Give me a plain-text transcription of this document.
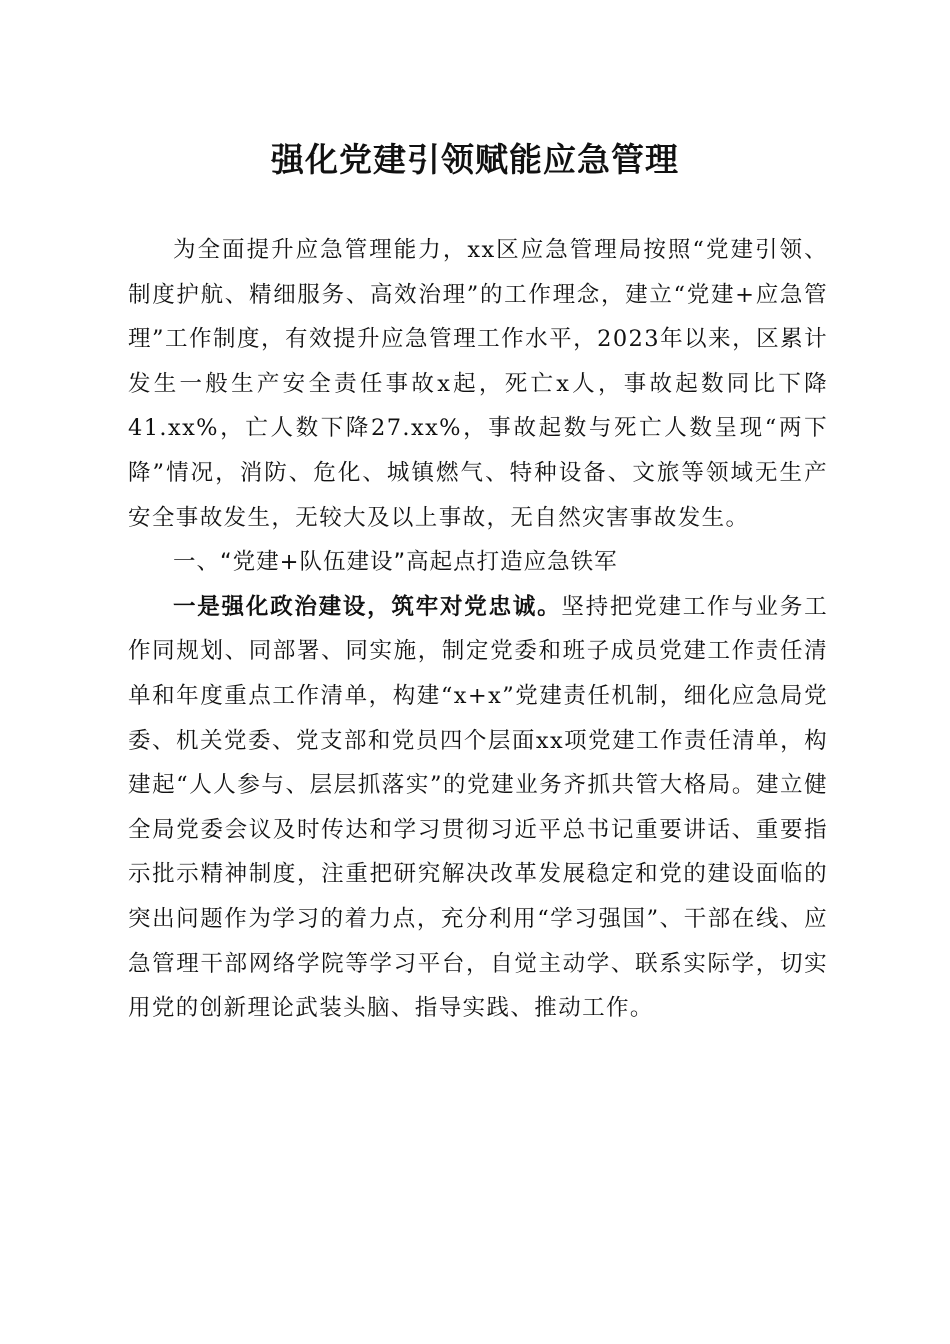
强化党建引领赋能应急管理

为全面提升应急管理能力，xx区应急管理局按照“党建引领、制度护航、精细服务、高效治理”的工作理念，建立“党建+应急管理”工作制度，有效提升应急管理工作水平，2023年以来，区累计发生一般生产安全责任事故x起，死亡x人，事故起数同比下降41.xx%，亡人数下降27.xx%，事故起数与死亡人数呈现“两下降”情况，消防、危化、城镇燃气、特种设备、文旅等领域无生产安全事故发生，无较大及以上事故，无自然灾害事故发生。

一、“党建+队伍建设”高起点打造应急铁军

一是强化政治建设，筑牢对党忠诚。坚持把党建工作与业务工作同规划、同部署、同实施，制定党委和班子成员党建工作责任清单和年度重点工作清单，构建“x+x”党建责任机制，细化应急局党委、机关党委、党支部和党员四个层面xx项党建工作责任清单，构建起“人人参与、层层抓落实”的党建业务齐抓共管大格局。建立健全局党委会议及时传达和学习贯彻习近平总书记重要讲话、重要指示批示精神制度，注重把研究解决改革发展稳定和党的建设面临的突出问题作为学习的着力点，充分利用“学习强国”、干部在线、应急管理干部网络学院等学习平台，自觉主动学、联系实际学，切实用党的创新理论武装头脑、指导实践、推动工作。
